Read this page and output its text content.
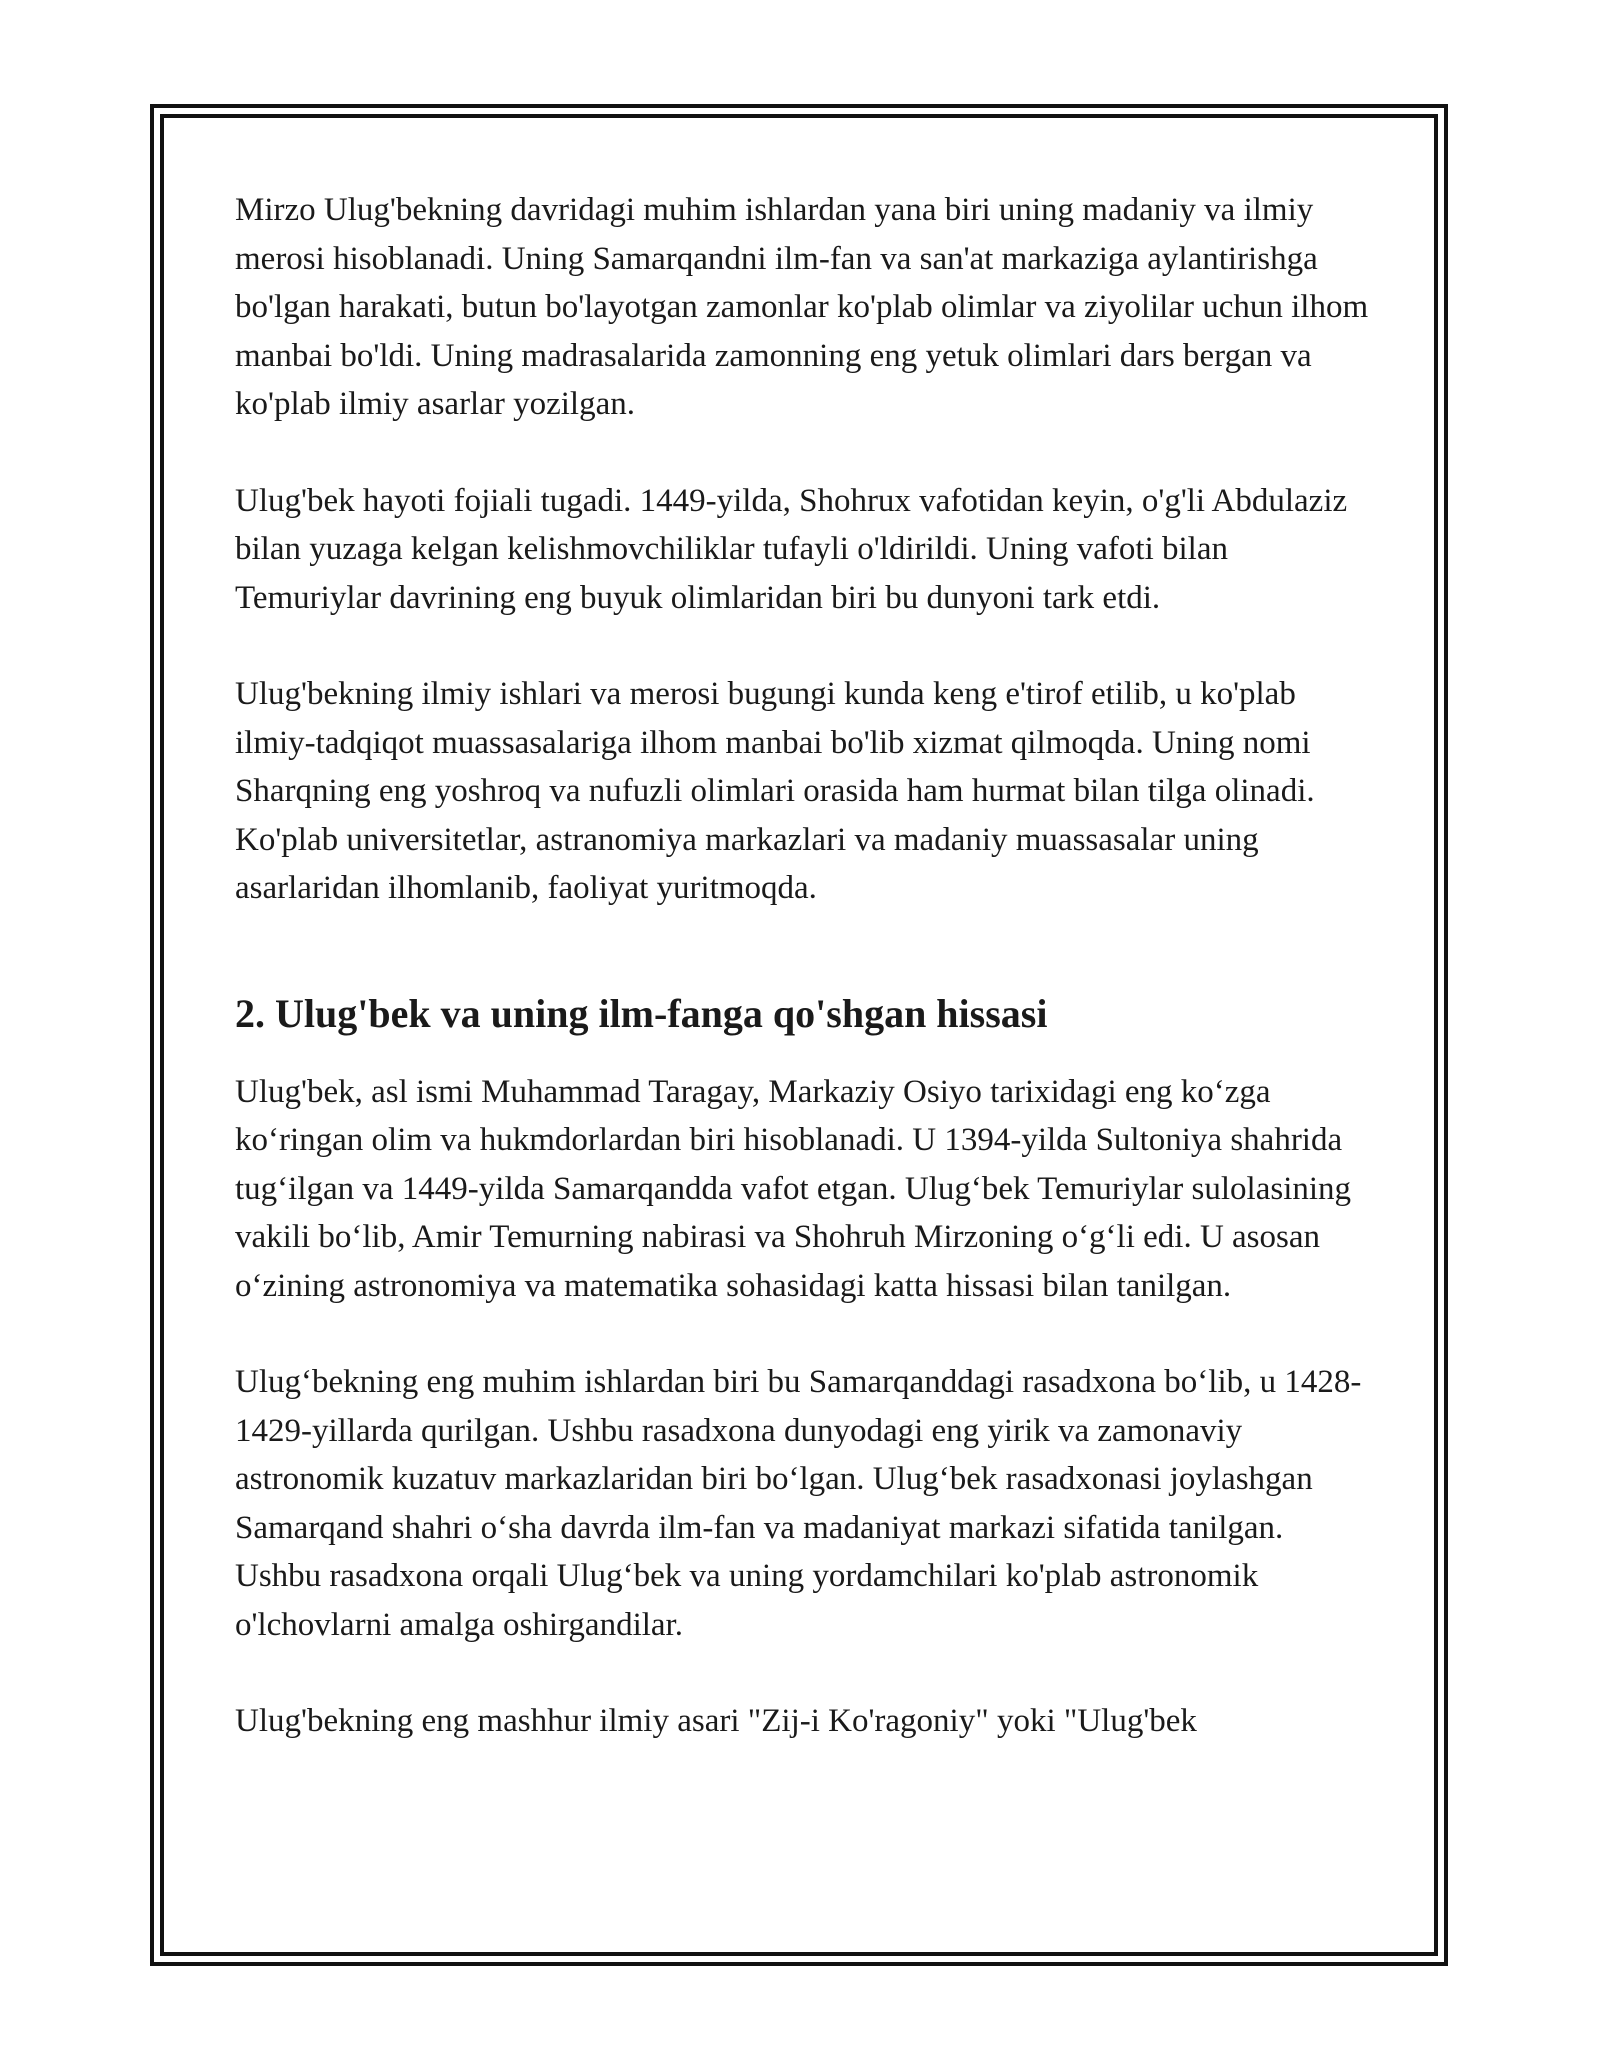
Mirzo Ulug'bekning davridagi muhim ishlardan yana biri uning madaniy va ilmiy merosi hisoblanadi. Uning Samarqandni ilm-fan va san'at markaziga aylantirishga bo'lgan harakati, butun bo'layotgan zamonlar ko'plab olimlar va ziyolilar uchun ilhom manbai bo'ldi. Uning madrasalarida zamonning eng yetuk olimlari dars bergan va ko'plab ilmiy asarlar yozilgan.

Ulug'bek hayoti fojiali tugadi. 1449-yilda, Shohrux vafotidan keyin, o'g'li Abdulaziz bilan yuzaga kelgan kelishmovchiliklar tufayli o'ldirildi. Uning vafoti bilan Temuriylar davrining eng buyuk olimlaridan biri bu dunyoni tark etdi.

Ulug'bekning ilmiy ishlari va merosi bugungi kunda keng e'tirof etilib, u ko'plab ilmiy-tadqiqot muassasalariga ilhom manbai bo'lib xizmat qilmoqda. Uning nomi Sharqning eng yoshroq va nufuzli olimlari orasida ham hurmat bilan tilga olinadi. Ko'plab universitetlar, astranomiya markazlari va madaniy muassasalar uning asarlaridan ilhomlanib, faoliyat yuritmoqda.

2. Ulug'bek va uning ilm-fanga qo'shgan hissasi

Ulug'bek, asl ismi Muhammad Taragay, Markaziy Osiyo tarixidagi eng ko‘zga ko‘ringan olim va hukmdorlardan biri hisoblanadi. U 1394-yilda Sultoniya shahrida tug‘ilgan va 1449-yilda Samarqandda vafot etgan. Ulug‘bek Temuriylar sulolasining vakili bo‘lib, Amir Temurning nabirasi va Shohruh Mirzoning o‘g‘li edi. U asosan o‘zining astronomiya va matematika sohasidagi katta hissasi bilan tanilgan.

Ulug‘bekning eng muhim ishlardan biri bu Samarqanddagi rasadxona bo‘lib, u 1428-1429-yillarda qurilgan. Ushbu rasadxona dunyodagi eng yirik va zamonaviy astronomik kuzatuv markazlaridan biri bo‘lgan. Ulug‘bek rasadxonasi joylashgan Samarqand shahri o‘sha davrda ilm-fan va madaniyat markazi sifatida tanilgan. Ushbu rasadxona orqali Ulug‘bek va uning yordamchilari ko'plab astronomik o'lchovlarni amalga oshirgandilar.

Ulug'bekning eng mashhur ilmiy asari "Zij-i Ko'ragoniy" yoki "Ulug'bek
